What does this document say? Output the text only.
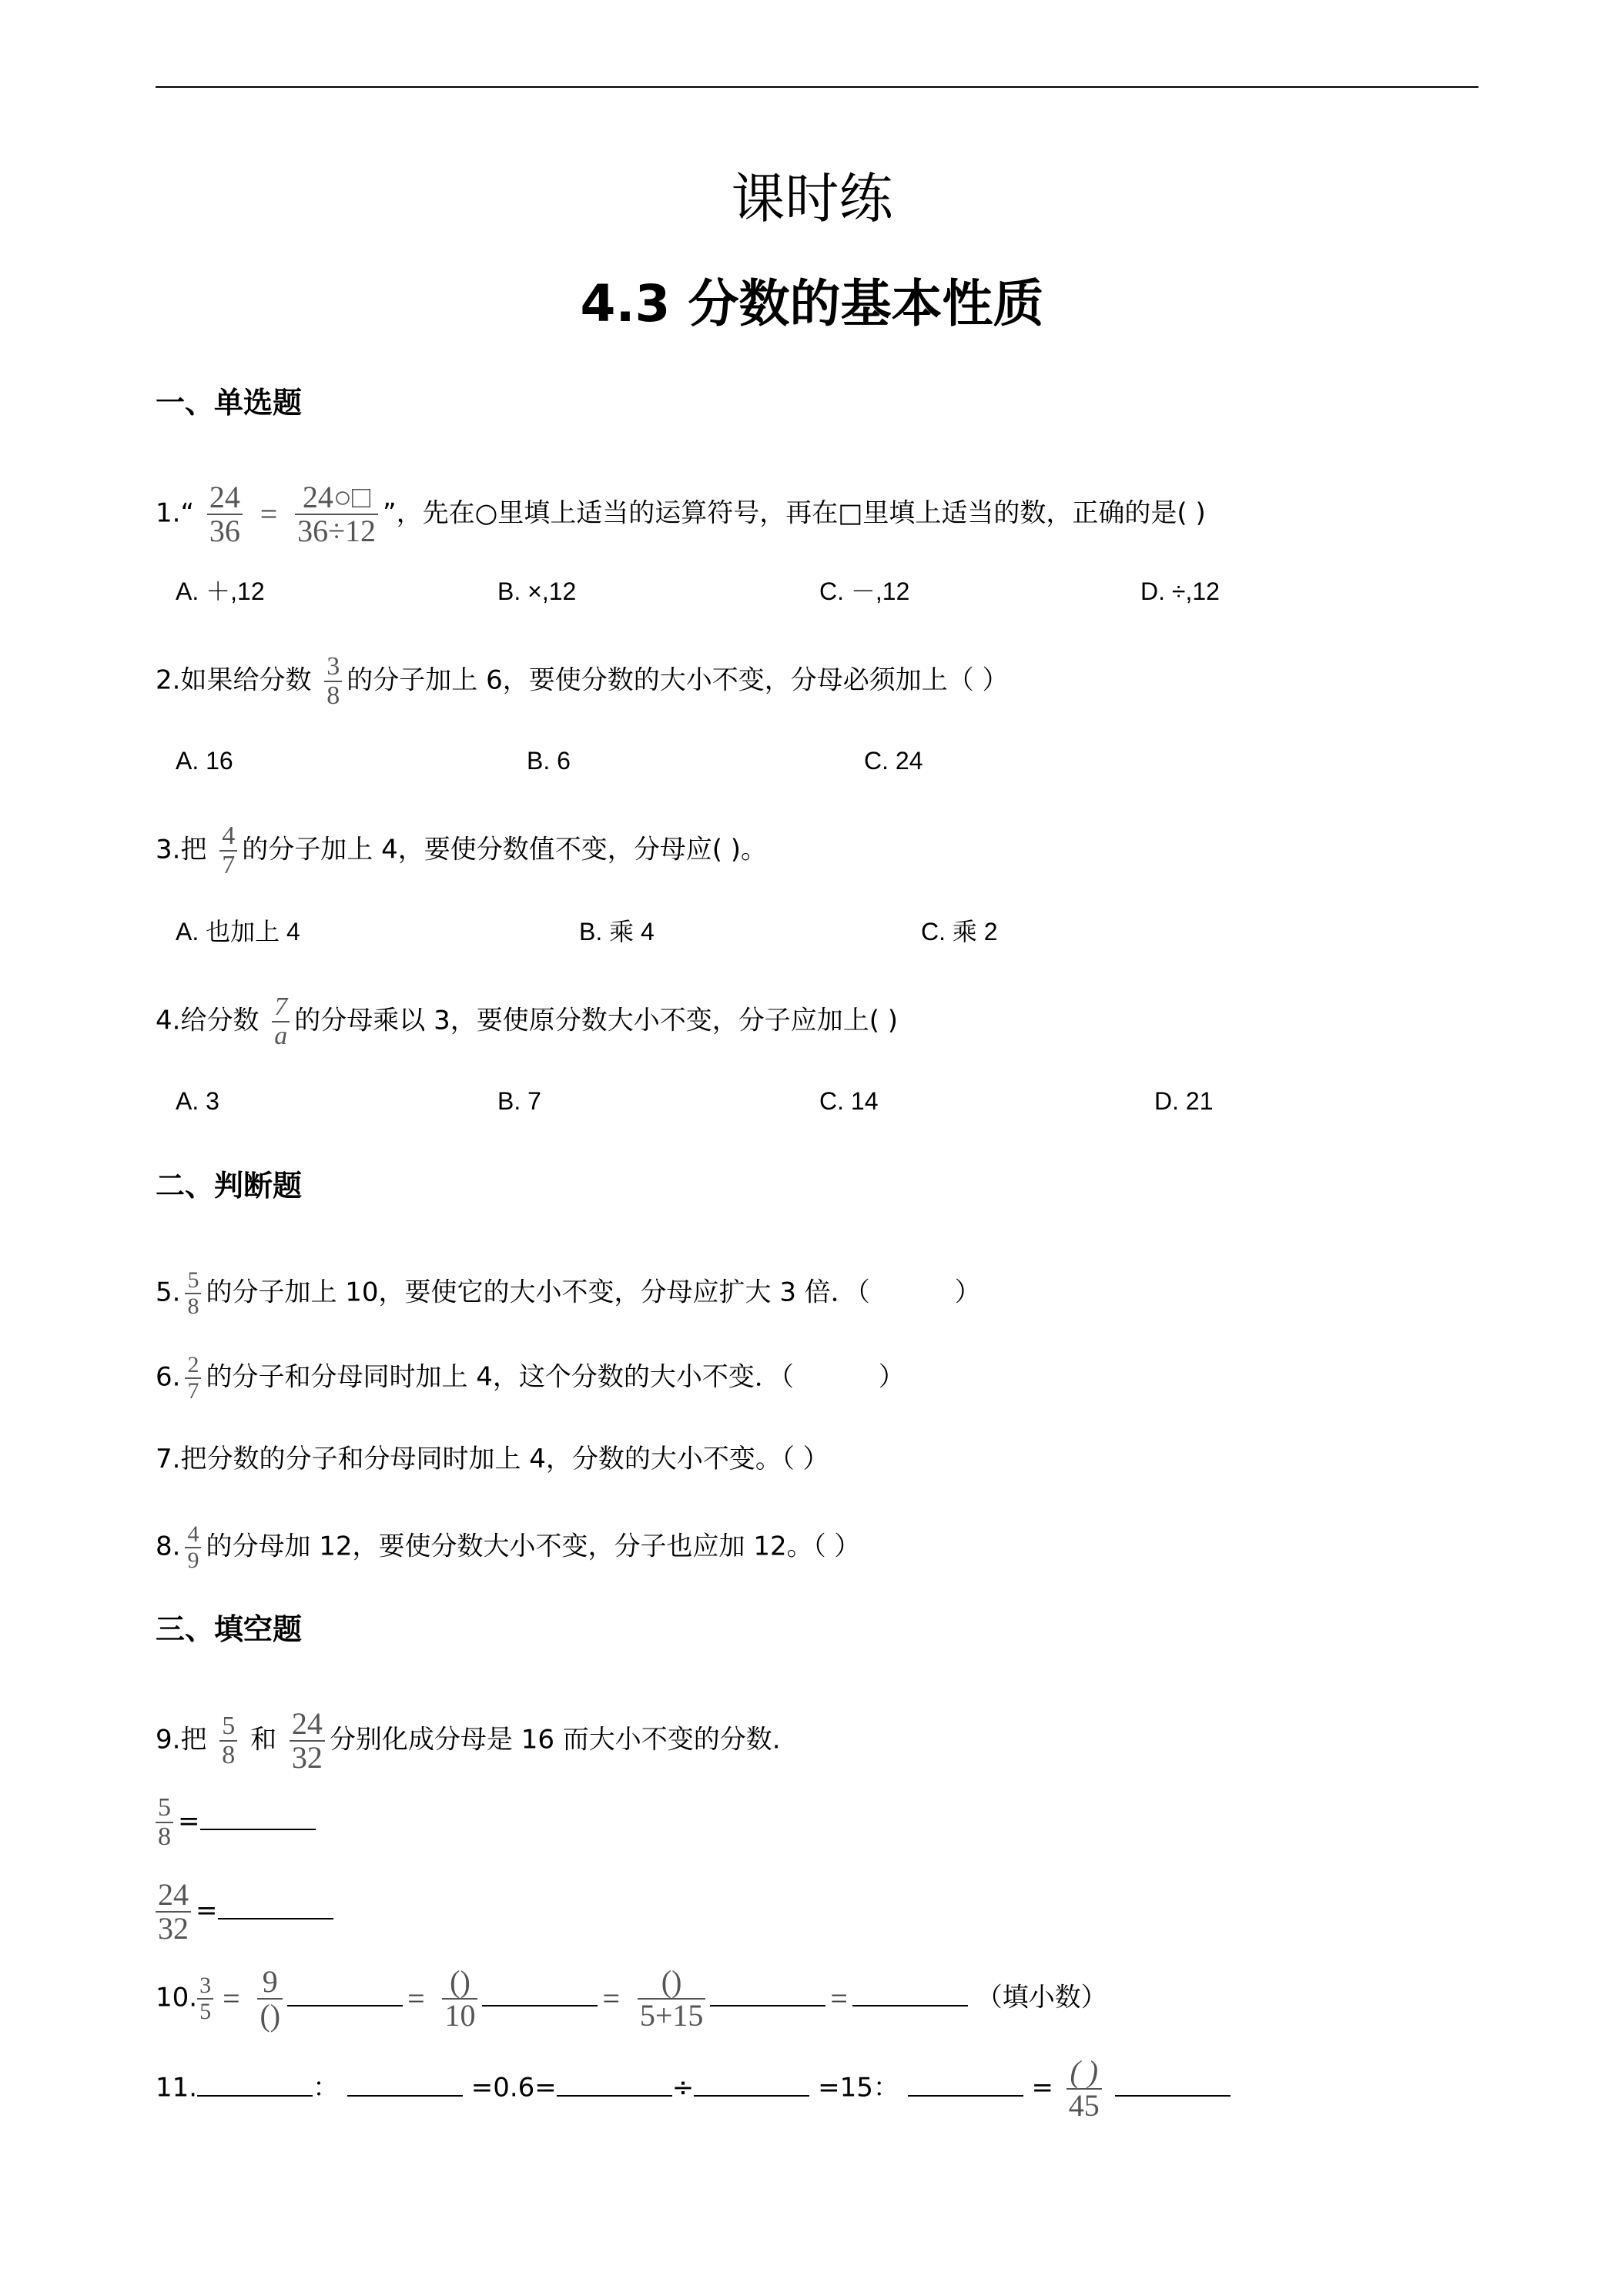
课时练
4.3 分数的基本性质
一、单选题
1.“ $\frac{24}{36} = \frac{24○□}{36\div 12}$ ”，先在○里填上适当的运算符号，再在□里填上适当的数，正确的是( )
A. ＋,12	B. ×,12	C. －,12	D. ÷,12
2.如果给分数 $\frac{3}{8}$ 的分子加上 6，要使分数的大小不变，分母必须加上（ ）
A. 16	B. 6	C. 24
3.把 $\frac{4}{7}$ 的分子加上 4，要使分数值不变，分母应( )。
A. 也加上 4	B. 乘 4	C. 乘 2
4.给分数 $\frac{7}{a}$ 的分母乘以 3，要使原分数大小不变，分子应加上( )
A. 3	B. 7	C. 14	D. 21
二、判断题
5. $\frac{5}{8}$ 的分子加上 10，要使它的大小不变，分母应扩大 3 倍．（	）
6. $\frac{2}{7}$ 的分子和分母同时加上 4，这个分数的大小不变．（	）
7.把分数的分子和分母同时加上 4，分数的大小不变。（ ）
8. $\frac{4}{9}$ 的分母加 12，要使分数大小不变，分子也应加 12。（ ）
三、填空题
9.把 $\frac{5}{8}$ 和 $\frac{24}{32}$ 分别化成分母是 16 而大小不变的分数.
$\frac{5}{8}$ =
$\frac{24}{32}$ =
10. $\frac{3}{5} = \frac{9}{()}$	= $\frac{()}{10}$	= $\frac{()}{5+15}$	=	（填小数）
11.	：	=0.6=	÷	=15：	= $\frac{( )}{45}$
